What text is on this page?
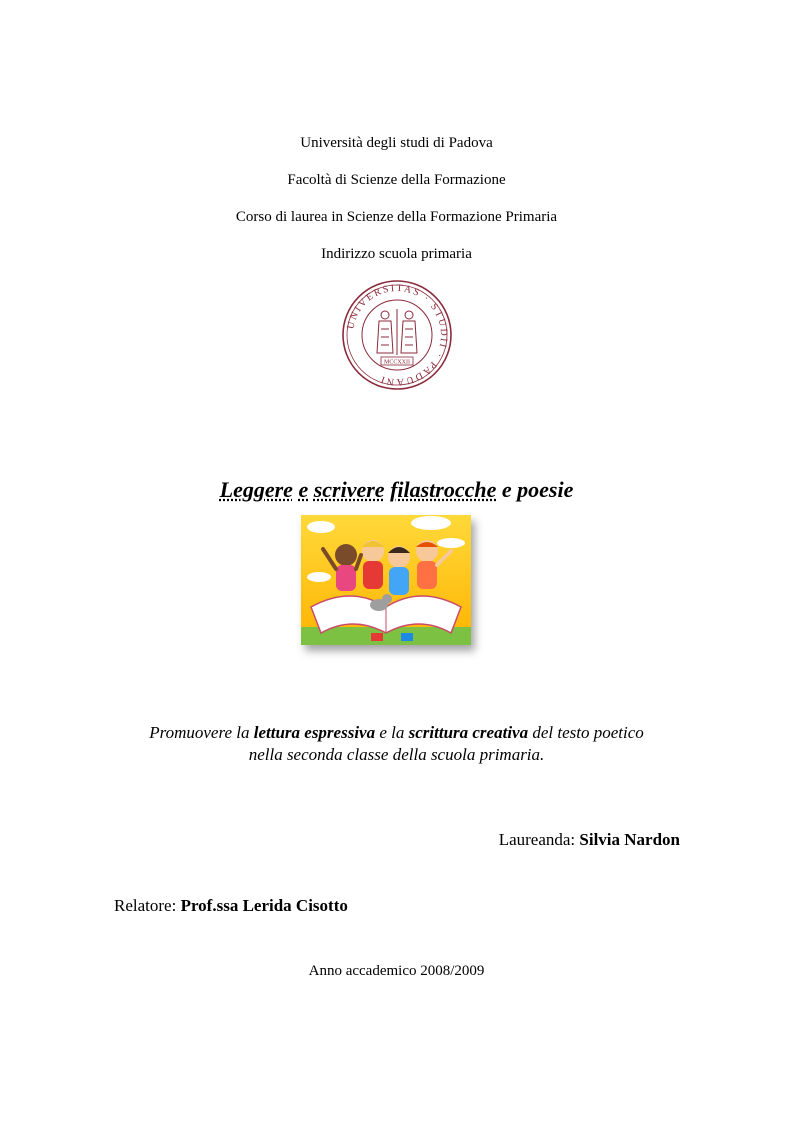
Università degli studi di Padova
Facoltà di Scienze della Formazione
Corso di laurea in Scienze della Formazione Primaria
Indirizzo scuola primaria
UNIVERSITAS · STUDII · PADUANI
MCCXXII
Leggere e scrivere filastrocche e poesie
Promuovere la lettura espressiva e la scrittura creativa del testo poetico
nella seconda classe della scuola primaria.
Laureanda: Silvia Nardon
Relatore: Prof.ssa Lerida Cisotto
Anno accademico 2008/2009
